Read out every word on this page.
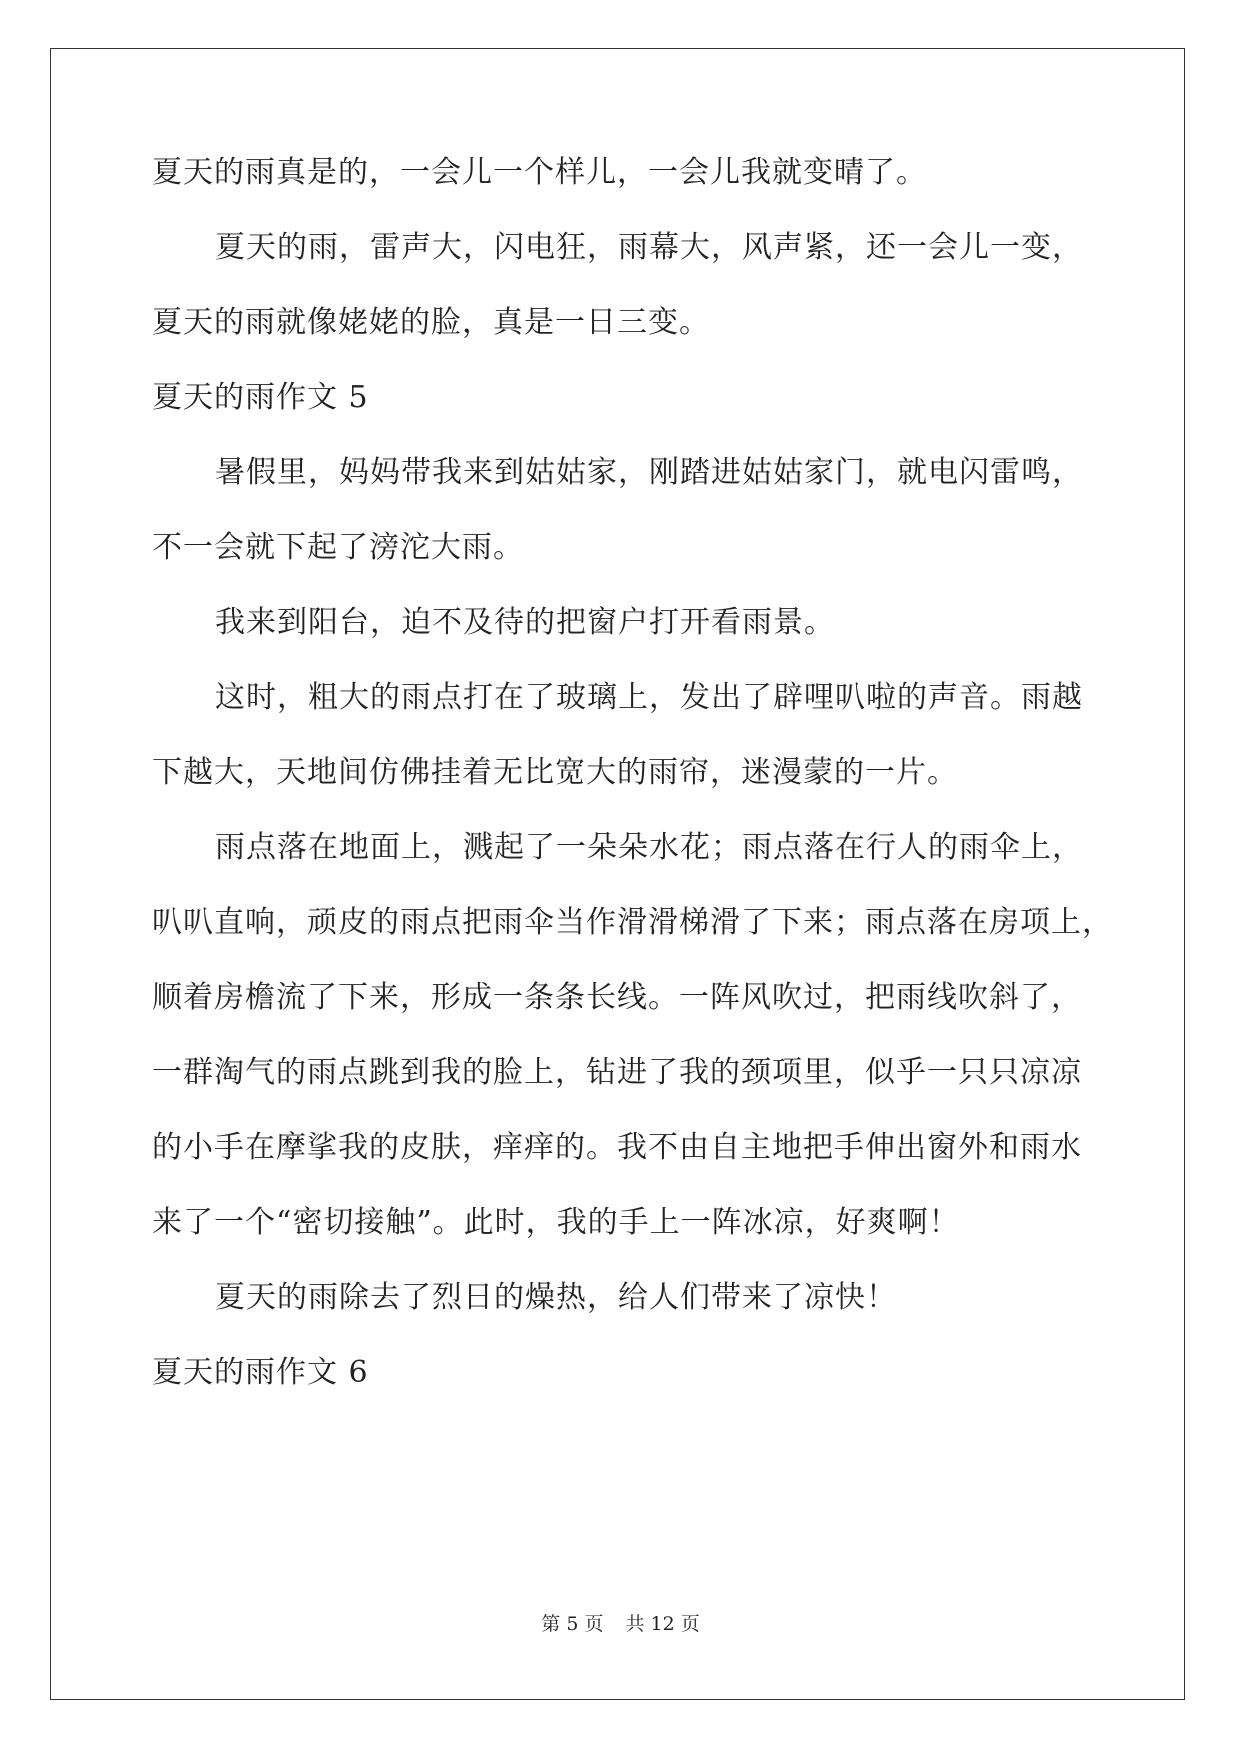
夏天的雨真是的，一会儿一个样儿，一会儿我就变晴了。
夏天的雨，雷声大，闪电狂，雨幕大，风声紧，还一会儿一变，
夏天的雨就像姥姥的脸，真是一日三变。
夏天的雨作文 5
暑假里，妈妈带我来到姑姑家，刚踏进姑姑家门，就电闪雷鸣，
不一会就下起了滂沱大雨。
我来到阳台，迫不及待的把窗户打开看雨景。
这时，粗大的雨点打在了玻璃上，发出了辟哩叭啦的声音。雨越
下越大，天地间仿佛挂着无比宽大的雨帘，迷漫蒙的一片。
雨点落在地面上，溅起了一朵朵水花；雨点落在行人的雨伞上，
叭叭直响，顽皮的雨点把雨伞当作滑滑梯滑了下来；雨点落在房项上，
顺着房檐流了下来，形成一条条长线。一阵风吹过，把雨线吹斜了，
一群淘气的雨点跳到我的脸上，钻进了我的颈项里，似乎一只只凉凉
的小手在摩挲我的皮肤，痒痒的。我不由自主地把手伸出窗外和雨水
来了一个“密切接触”。此时，我的手上一阵冰凉，好爽啊！
夏天的雨除去了烈日的燥热，给人们带来了凉快！
夏天的雨作文 6
第 5 页 共 12 页
